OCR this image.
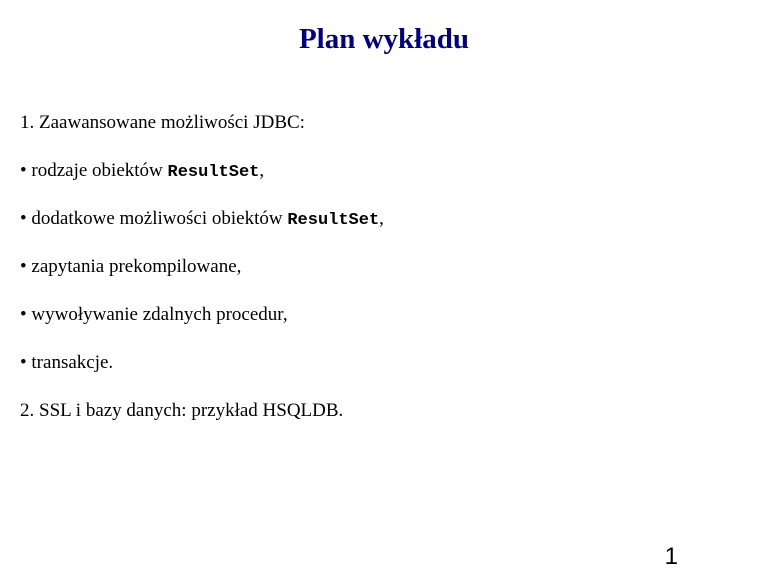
Plan wykładu
1. Zaawansowane możliwości JDBC:
• rodzaje obiektów ResultSet,
• dodatkowe możliwości obiektów ResultSet,
• zapytania prekompilowane,
• wywoływanie zdalnych procedur,
• transakcje.
2. SSL i bazy danych: przykład HSQLDB.
1
